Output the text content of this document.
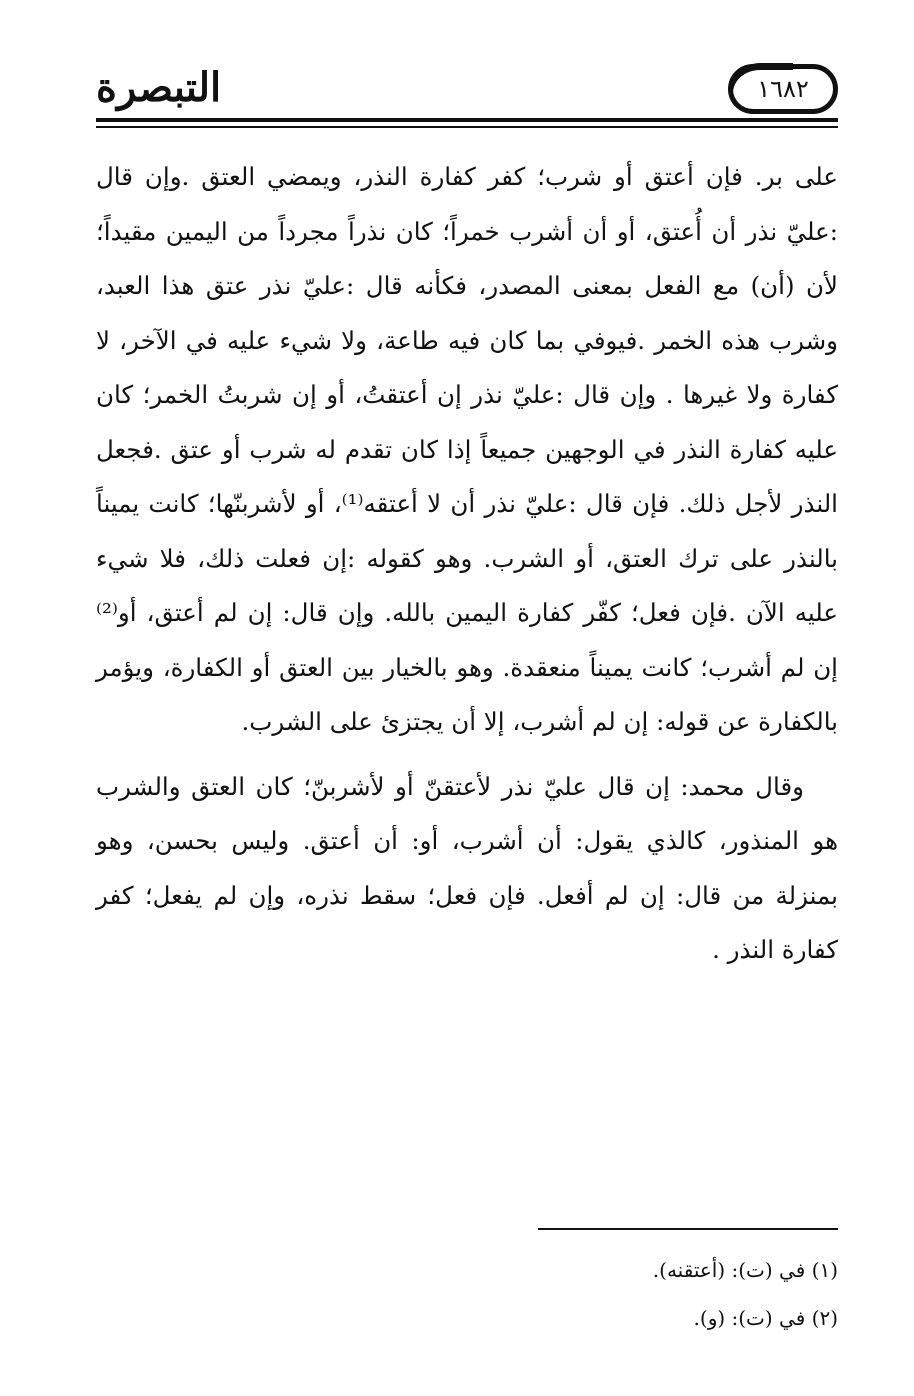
التبصرة	١٦٨٢

على بر. فإن أعتق أو شرب؛ كفر كفارة النذر، ويمضي العتق .وإن قال :عليّ نذر أن أُعتق، أو أن أشرب خمراً؛ كان نذراً مجرداً من اليمين مقيداً؛ لأن (أن) مع الفعل بمعنى المصدر، فكأنه قال :عليّ نذر عتق هذا العبد، وشرب هذه الخمر .فيوفي بما كان فيه طاعة، ولا شيء عليه في الآخر، لا كفارة ولا غيرها . وإن قال :عليّ نذر إن أعتقتُ، أو إن شربتُ الخمر؛ كان عليه كفارة النذر في الوجهين جميعاً إذا كان تقدم له شرب أو عتق .فجعل النذر لأجل ذلك. فإن قال :عليّ نذر أن لا أعتقه⁽¹⁾، أو لأشربنّها؛ كانت يميناً بالنذر على ترك العتق، أو الشرب. وهو كقوله :إن فعلت ذلك، فلا شيء عليه الآن .فإن فعل؛ كفّر كفارة اليمين بالله. وإن قال: إن لم أعتق، أو⁽²⁾ إن لم أشرب؛ كانت يميناً منعقدة. وهو بالخيار بين العتق أو الكفارة، ويؤمر بالكفارة عن قوله: إن لم أشرب، إلا أن يجتزئ على الشرب.

وقال محمد: إن قال عليّ نذر لأعتقنّ أو لأشربنّ؛ كان العتق والشرب هو المنذور، كالذي يقول: أن أشرب، أو: أن أعتق. وليس بحسن، وهو بمنزلة من قال: إن لم أفعل. فإن فعل؛ سقط نذره، وإن لم يفعل؛ كفر كفارة النذر .

(١) في (ت): (أعتقنه).

(٢) في (ت): (و).
